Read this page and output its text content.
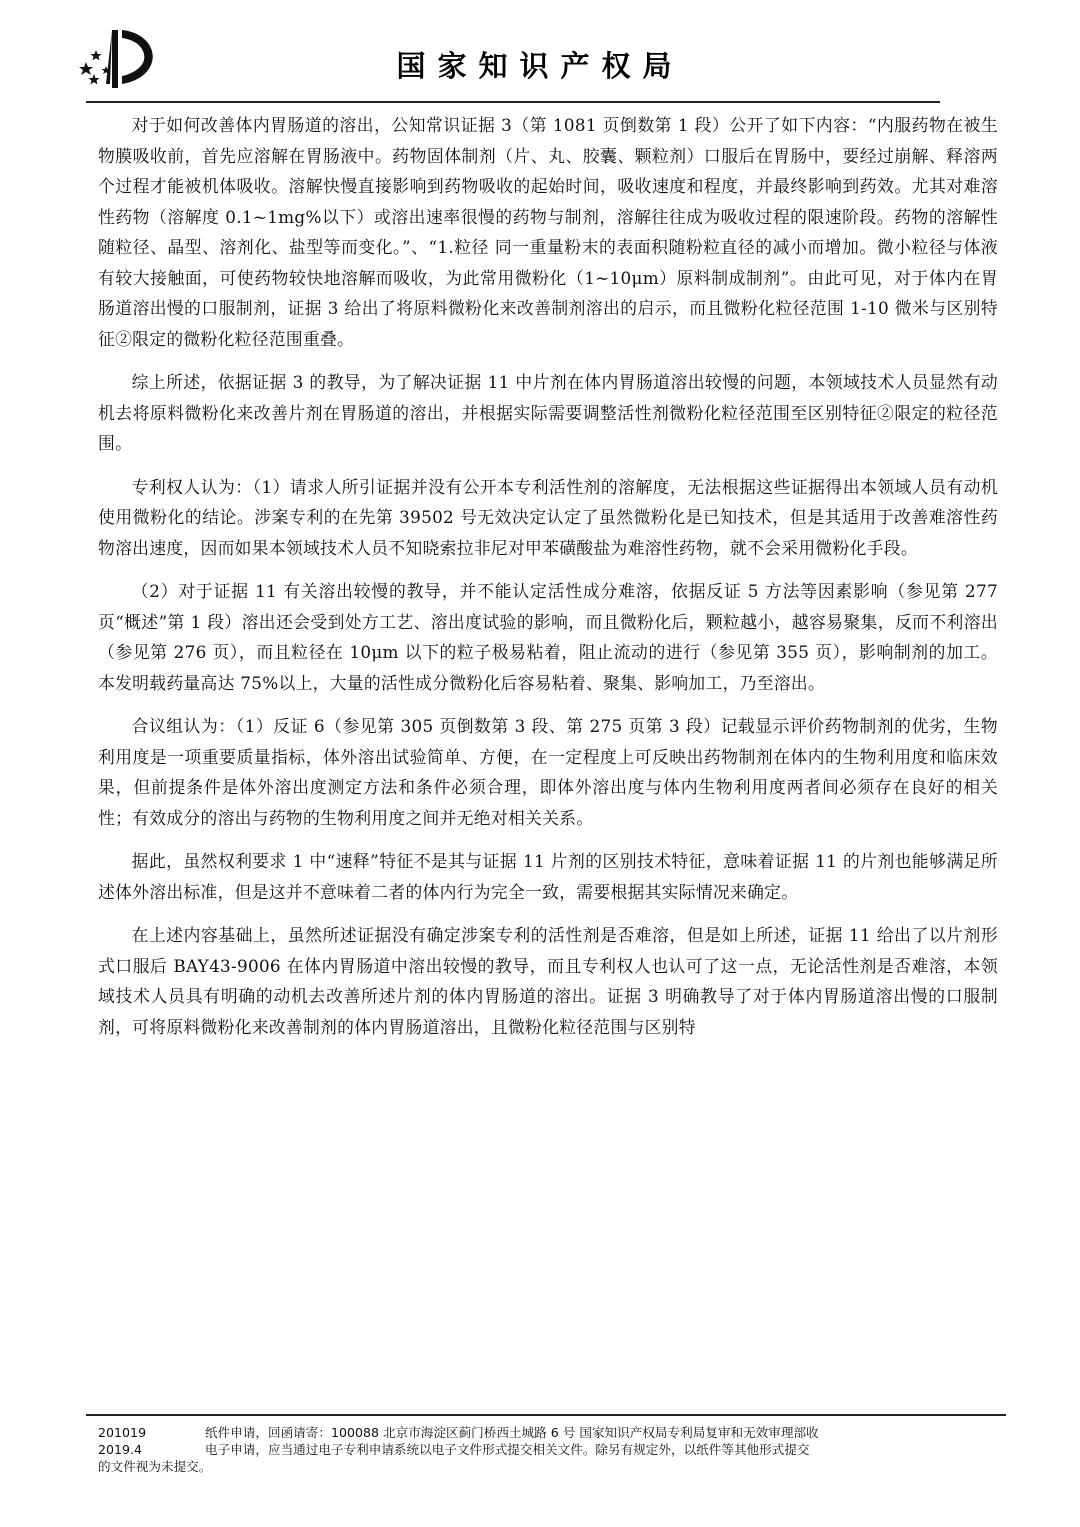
国家知识产权局

对于如何改善体内胃肠道的溶出，公知常识证据 3（第 1081 页倒数第 1 段）公开了如下内容：“内服药物在被生物膜吸收前，首先应溶解在胃肠液中。药物固体制剂（片、丸、胶囊、颗粒剂）口服后在胃肠中，要经过崩解、释溶两个过程才能被机体吸收。溶解快慢直接影响到药物吸收的起始时间，吸收速度和程度，并最终影响到药效。尤其对难溶性药物（溶解度 0.1~1mg%以下）或溶出速率很慢的药物与制剂，溶解往往成为吸收过程的限速阶段。药物的溶解性随粒径、晶型、溶剂化、盐型等而变化。”、“1.粒径 同一重量粉末的表面积随粉粒直径的减小而增加。微小粒径与体液有较大接触面，可使药物较快地溶解而吸收，为此常用微粉化（1~10μm）原料制成制剂”。由此可见，对于体内在胃肠道溶出慢的口服制剂，证据 3 给出了将原料微粉化来改善制剂溶出的启示，而且微粉化粒径范围 1-10 微米与区别特征②限定的微粉化粒径范围重叠。

综上所述，依据证据 3 的教导，为了解决证据 11 中片剂在体内胃肠道溶出较慢的问题，本领域技术人员显然有动机去将原料微粉化来改善片剂在胃肠道的溶出，并根据实际需要调整活性剂微粉化粒径范围至区别特征②限定的粒径范围。

专利权人认为：（1）请求人所引证据并没有公开本专利活性剂的溶解度，无法根据这些证据得出本领域人员有动机使用微粉化的结论。涉案专利的在先第 39502 号无效决定认定了虽然微粉化是已知技术，但是其适用于改善难溶性药物溶出速度，因而如果本领域技术人员不知晓索拉非尼对甲苯磺酸盐为难溶性药物，就不会采用微粉化手段。

（2）对于证据 11 有关溶出较慢的教导，并不能认定活性成分难溶，依据反证 5 方法等因素影响（参见第 277 页“概述”第 1 段）溶出还会受到处方工艺、溶出度试验的影响，而且微粉化后，颗粒越小，越容易聚集，反而不利溶出（参见第 276 页），而且粒径在 10μm 以下的粒子极易粘着，阻止流动的进行（参见第 355 页），影响制剂的加工。本发明载药量高达 75%以上，大量的活性成分微粉化后容易粘着、聚集、影响加工，乃至溶出。

合议组认为：（1）反证 6（参见第 305 页倒数第 3 段、第 275 页第 3 段）记载显示评价药物制剂的优劣，生物利用度是一项重要质量指标，体外溶出试验简单、方便，在一定程度上可反映出药物制剂在体内的生物利用度和临床效果，但前提条件是体外溶出度测定方法和条件必须合理，即体外溶出度与体内生物利用度两者间必须存在良好的相关性；有效成分的溶出与药物的生物利用度之间并无绝对相关关系。

据此，虽然权利要求 1 中“速释”特征不是其与证据 11 片剂的区别技术特征，意味着证据 11 的片剂也能够满足所述体外溶出标准，但是这并不意味着二者的体内行为完全一致，需要根据其实际情况来确定。

在上述内容基础上，虽然所述证据没有确定涉案专利的活性剂是否难溶，但是如上所述，证据 11 给出了以片剂形式口服后 BAY43-9006 在体内胃肠道中溶出较慢的教导，而且专利权人也认可了这一点，无论活性剂是否难溶，本领域技术人员具有明确的动机去改善所述片剂的体内胃肠道的溶出。证据 3 明确教导了对于体内胃肠道溶出慢的口服制剂，可将原料微粉化来改善制剂的体内胃肠道溶出，且微粉化粒径范围与区别特

201019	纸件申请，回函请寄：100088 北京市海淀区蓟门桥西土城路 6 号 国家知识产权局专利局复审和无效审理部收
2019.4	电子申请，应当通过电子专利申请系统以电子文件形式提交相关文件。除另有规定外，以纸件等其他形式提交
的文件视为未提交。
